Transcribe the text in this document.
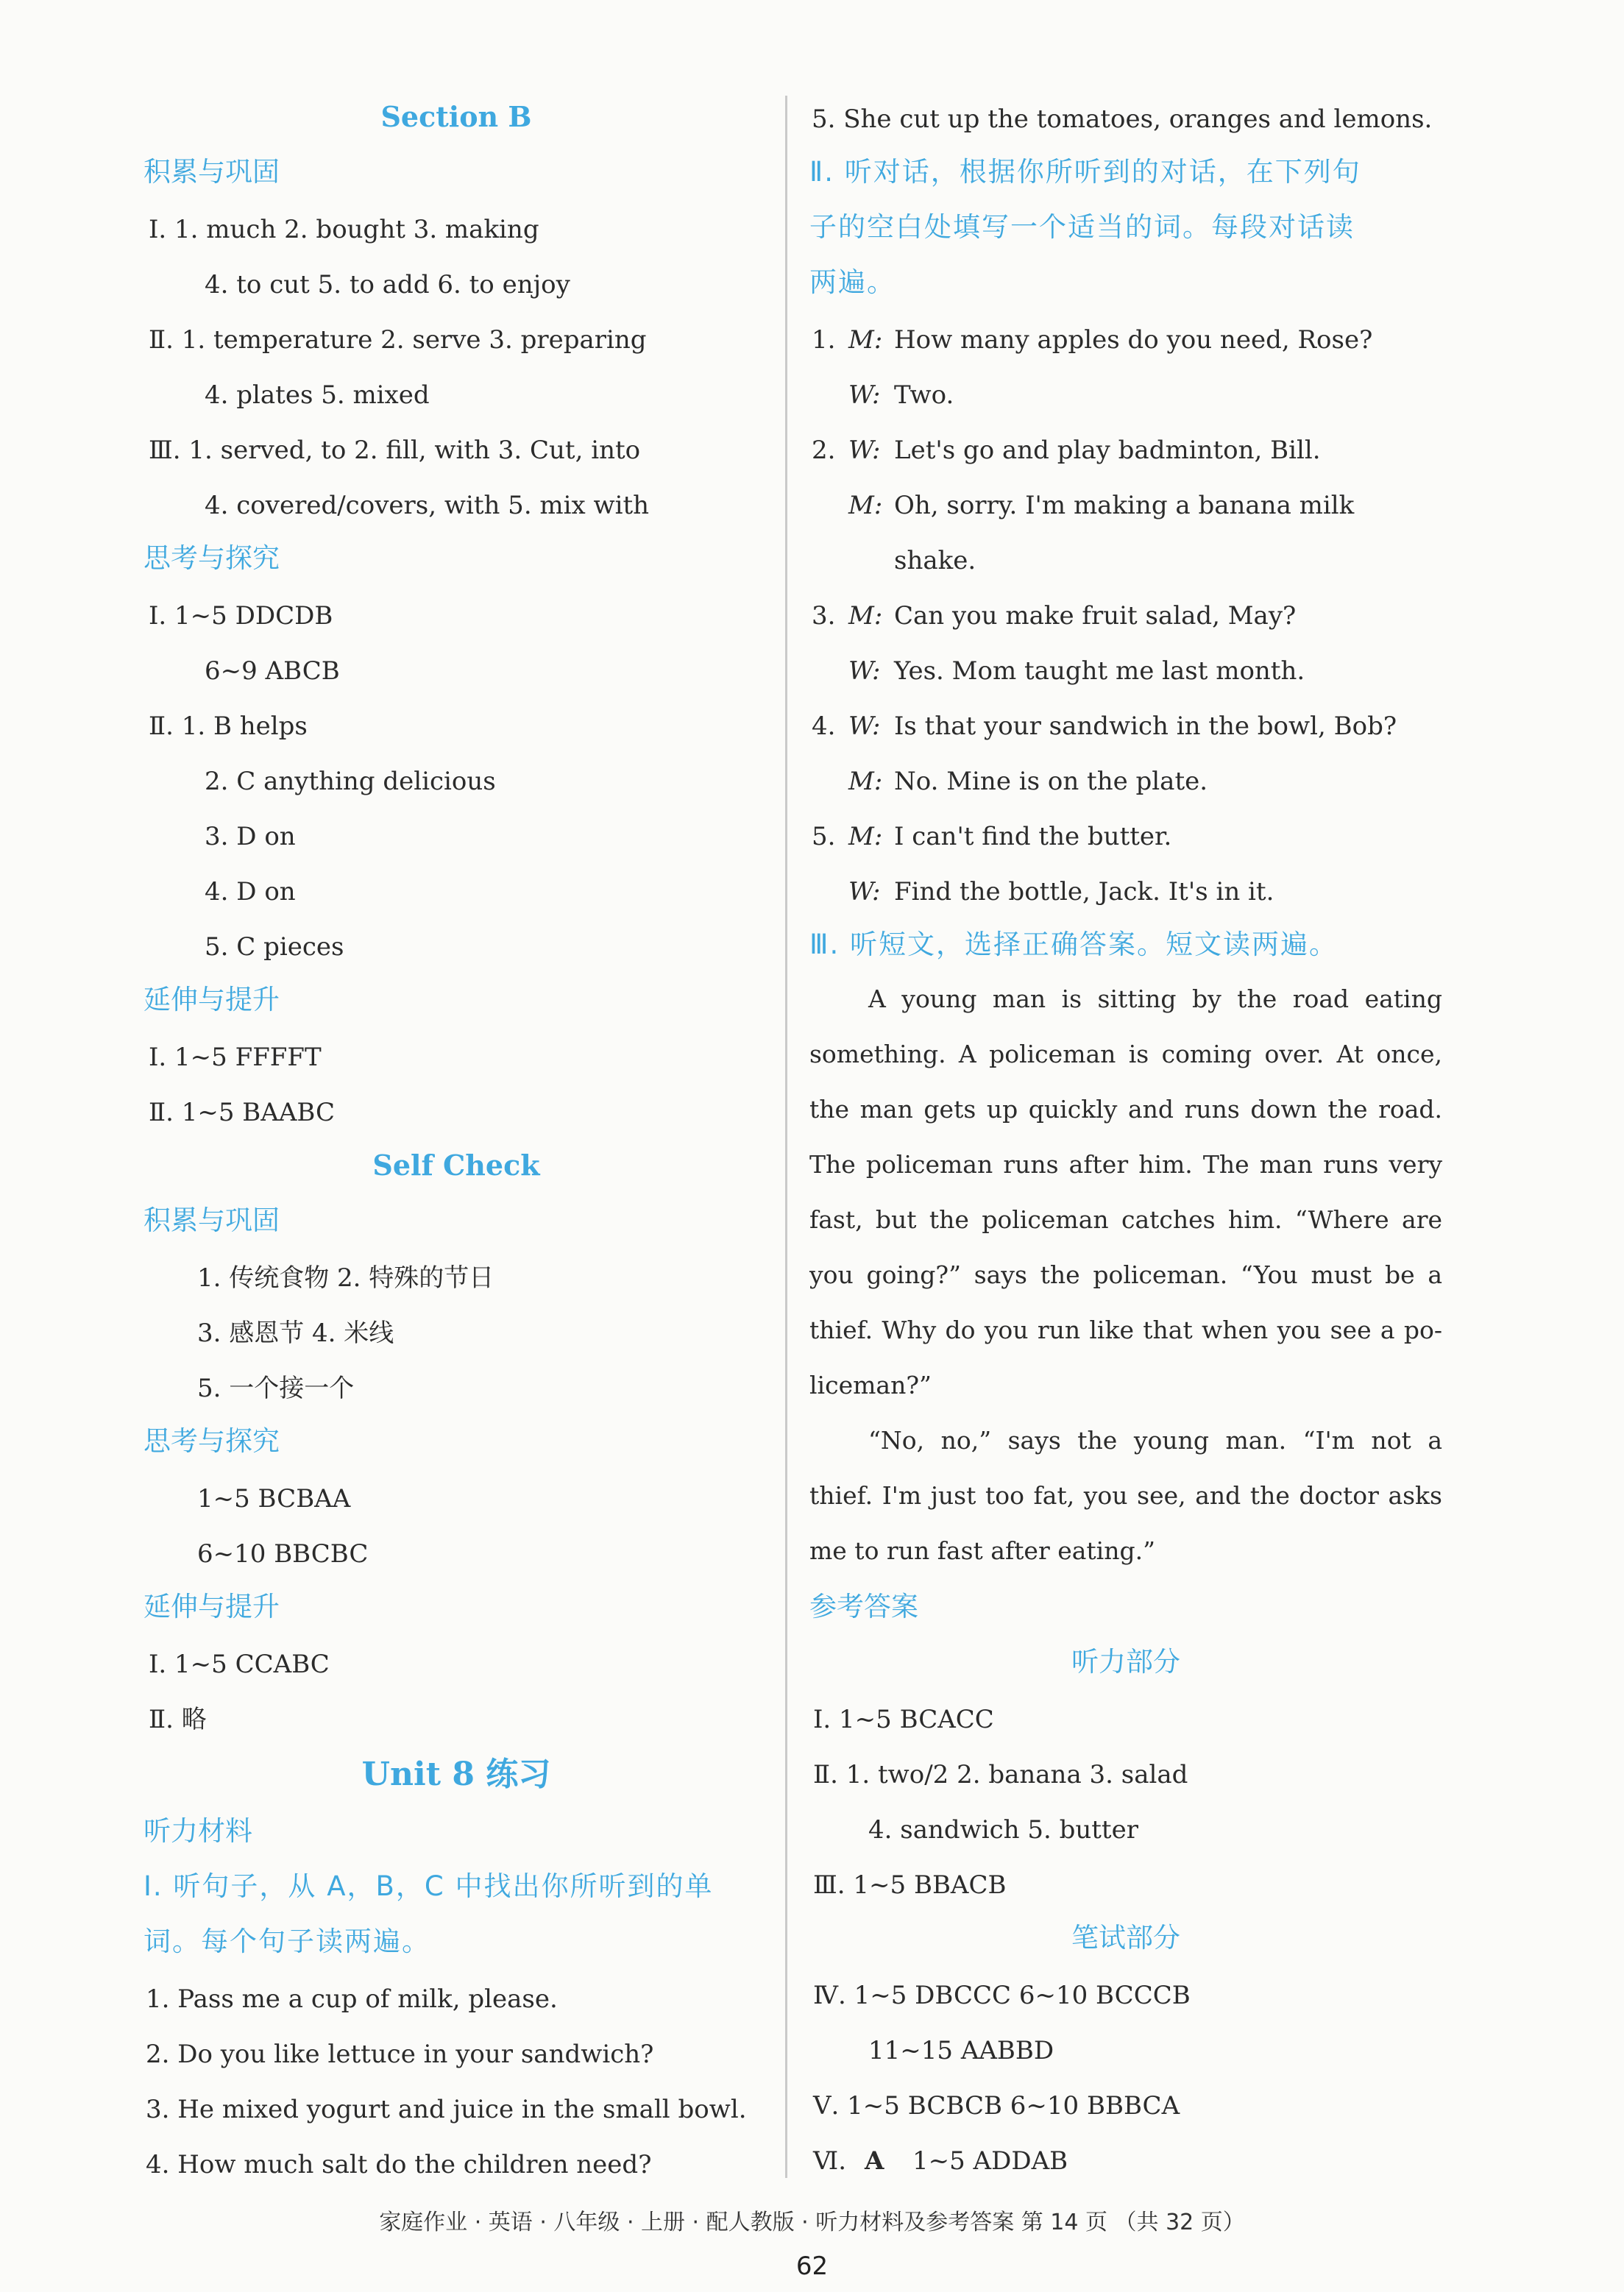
Section B
积累与巩固
Ⅰ. 1. much 2. bought 3. making
4. to cut 5. to add 6. to enjoy
Ⅱ. 1. temperature 2. serve 3. preparing
4. plates 5. mixed
Ⅲ. 1. served, to 2. fill, with 3. Cut, into
4. covered/covers, with 5. mix with
思考与探究
Ⅰ. 1~5 DDCDB
6~9 ABCB
Ⅱ. 1. B helps
2. C anything delicious
3. D on
4. D on
5. C pieces
延伸与提升
Ⅰ. 1~5 FFFFT
Ⅱ. 1~5 BAABC
Self Check
积累与巩固
1. 传统食物 2. 特殊的节日
3. 感恩节 4. 米线
5. 一个接一个
思考与探究
1~5 BCBAA
6~10 BBCBC
延伸与提升
Ⅰ. 1~5 CCABC
Ⅱ. 略
Unit 8 练习
听力材料
Ⅰ. 听句子，从 A，B，C 中找出你所听到的单
词。每个句子读两遍。
1. Pass me a cup of milk, please.
2. Do you like lettuce in your sandwich?
3. He mixed yogurt and juice in the small bowl.
4. How much salt do the children need?
5. She cut up the tomatoes, oranges and lemons.
Ⅱ. 听对话，根据你所听到的对话，在下列句
子的空白处填写一个适当的词。每段对话读
两遍。
1. M: How many apples do you need, Rose?
W: Two.
2. W: Let's go and play badminton, Bill.
M: Oh, sorry. I'm making a banana milk
shake.
3. M: Can you make fruit salad, May?
W: Yes. Mom taught me last month.
4. W: Is that your sandwich in the bowl, Bob?
M: No. Mine is on the plate.
5. M: I can't find the butter.
W: Find the bottle, Jack. It's in it.
Ⅲ. 听短文，选择正确答案。短文读两遍。
A young man is sitting by the road eating
something. A policeman is coming over. At once,
the man gets up quickly and runs down the road.
The policeman runs after him. The man runs very
fast, but the policeman catches him. “Where are
you going?” says the policeman. “You must be a
thief. Why do you run like that when you see a po-
liceman?”
“No, no,” says the young man. “I'm not a
thief. I'm just too fat, you see, and the doctor asks
me to run fast after eating.”
参考答案
听力部分
Ⅰ. 1~5 BCACC
Ⅱ. 1. two/2 2. banana 3. salad
4. sandwich 5. butter
Ⅲ. 1~5 BBACB
笔试部分
Ⅳ. 1~5 DBCCC 6~10 BCCCB
11~15 AABBD
Ⅴ. 1~5 BCBCB 6~10 BBBCA
Ⅵ. A 1~5 ADDAB
家庭作业 · 英语 · 八年级 · 上册 · 配人教版 · 听力材料及参考答案 第 14 页 （共 32 页）
62
